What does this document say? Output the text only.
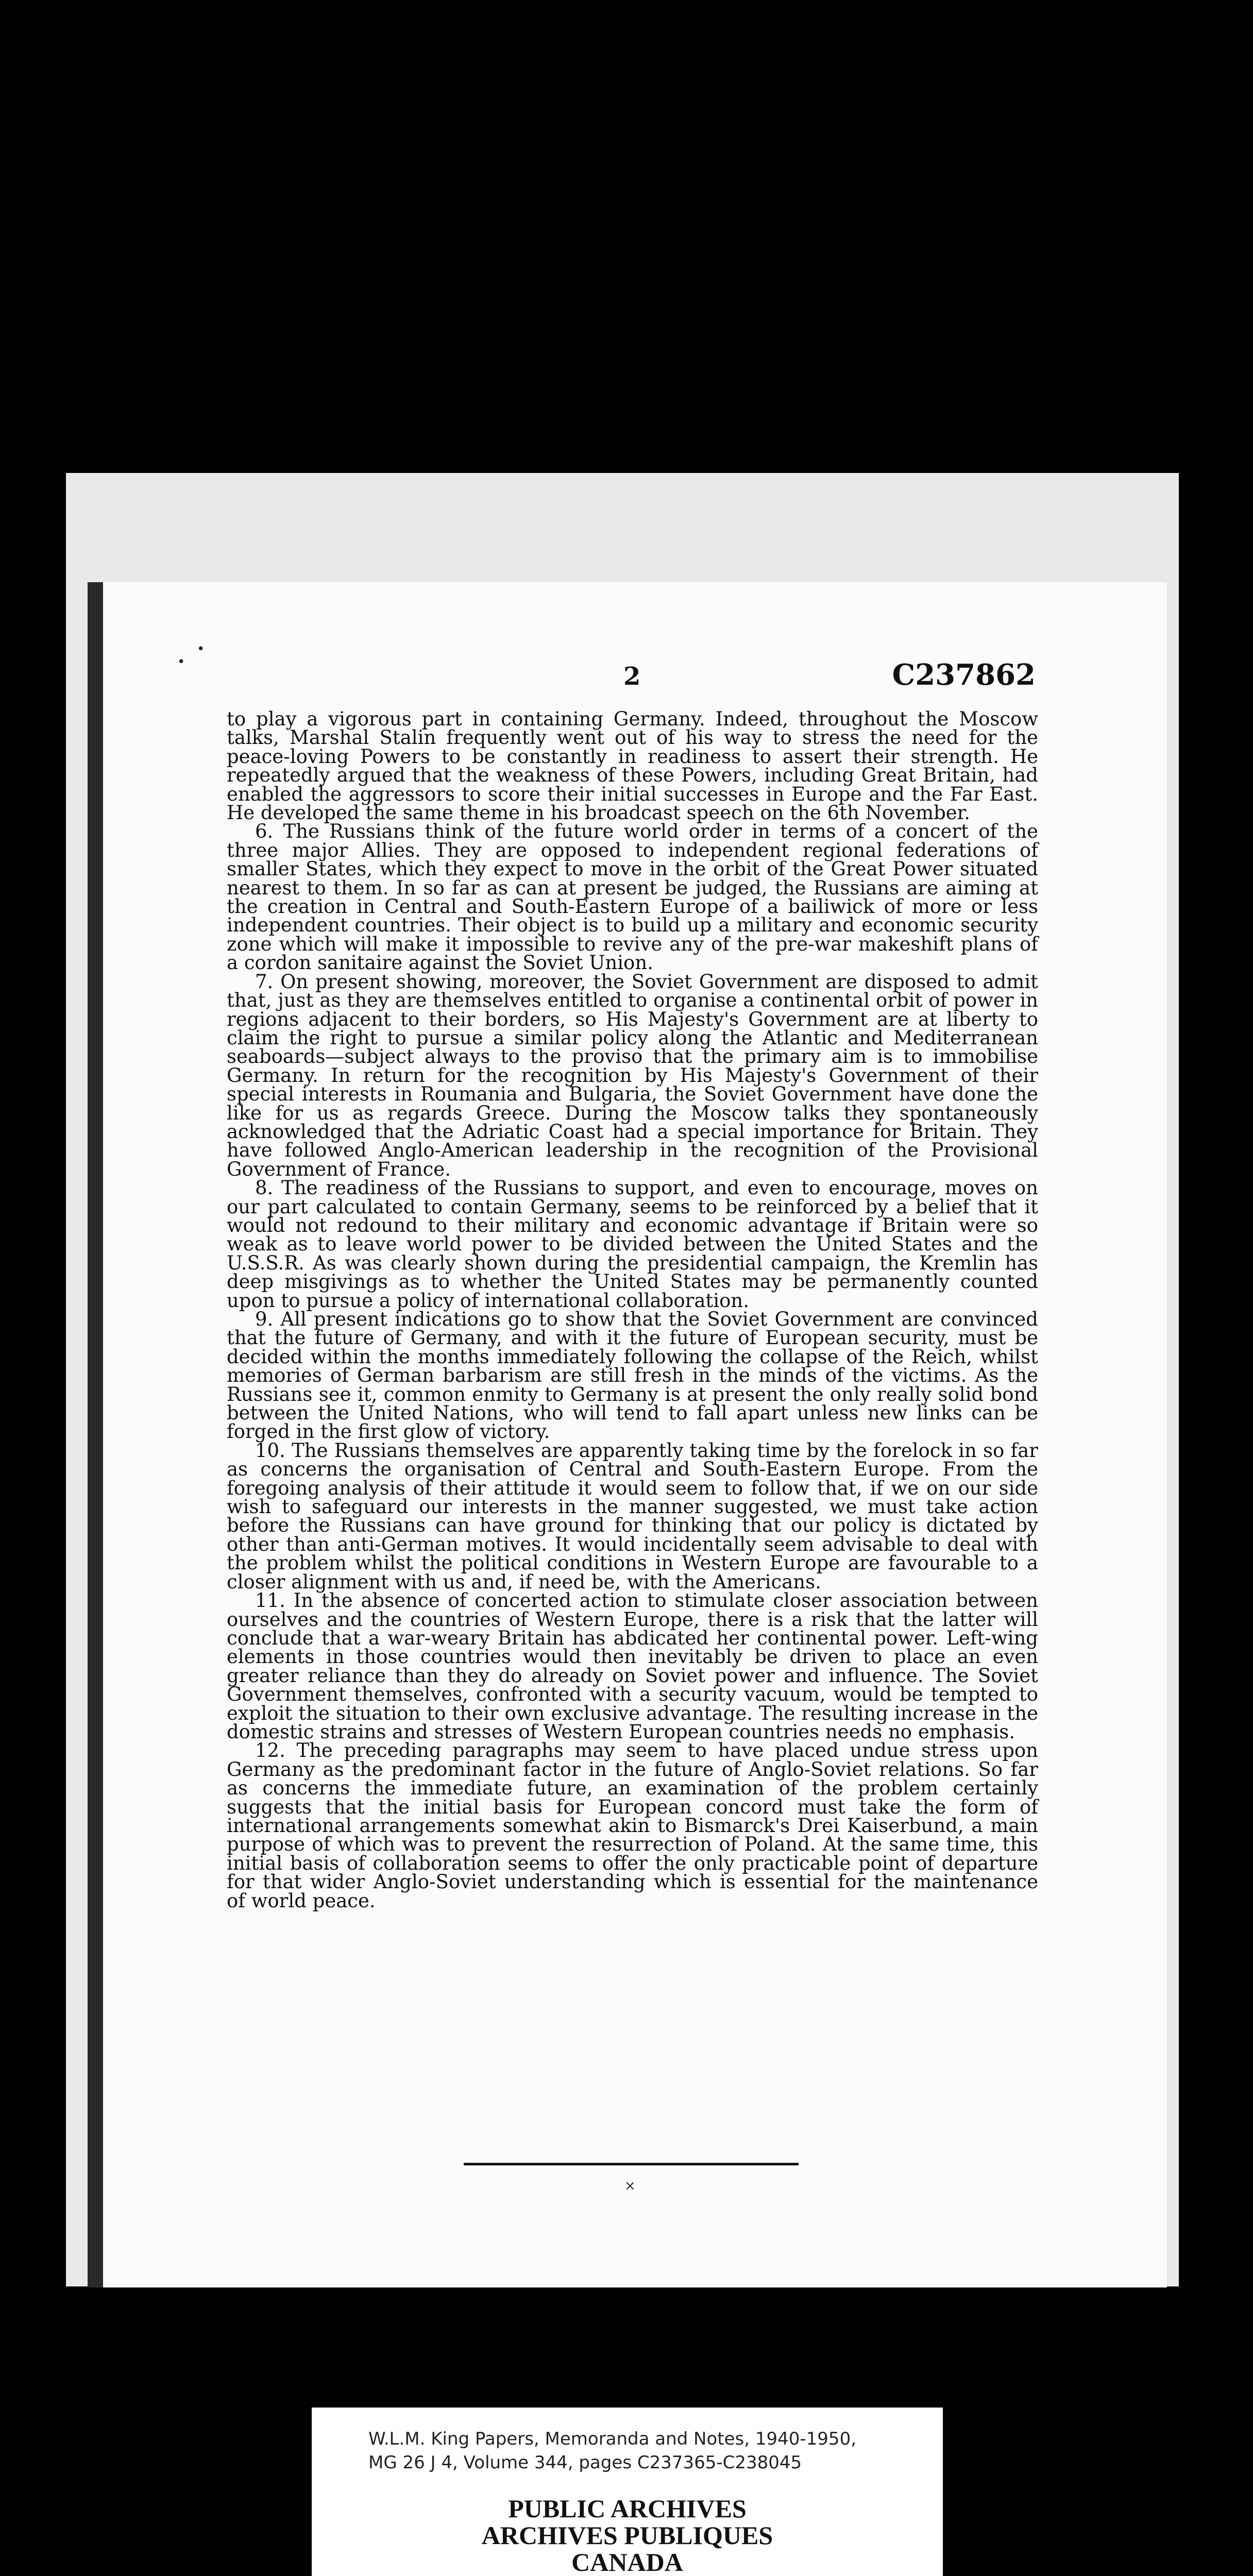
•
•
2	C237862

to play a vigorous part in containing Germany. Indeed, throughout the Moscow talks, Marshal Stalin frequently went out of his way to stress the need for the peace-loving Powers to be constantly in readiness to assert their strength. He repeatedly argued that the weakness of these Powers, including Great Britain, had enabled the aggressors to score their initial successes in Europe and the Far East. He developed the same theme in his broadcast speech on the 6th November.

6. The Russians think of the future world order in terms of a concert of the three major Allies. They are opposed to independent regional federations of smaller States, which they expect to move in the orbit of the Great Power situated nearest to them. In so far as can at present be judged, the Russians are aiming at the creation in Central and South-Eastern Europe of a bailiwick of more or less independent countries. Their object is to build up a military and economic security zone which will make it impossible to revive any of the pre-war makeshift plans of a cordon sanitaire against the Soviet Union.

7. On present showing, moreover, the Soviet Government are disposed to admit that, just as they are themselves entitled to organise a continental orbit of power in regions adjacent to their borders, so His Majesty's Government are at liberty to claim the right to pursue a similar policy along the Atlantic and Mediterranean seaboards—subject always to the proviso that the primary aim is to immobilise Germany. In return for the recognition by His Majesty's Government of their special interests in Roumania and Bulgaria, the Soviet Government have done the like for us as regards Greece. During the Moscow talks they spontaneously acknowledged that the Adriatic Coast had a special importance for Britain. They have followed Anglo-American leadership in the recognition of the Provisional Government of France.

8. The readiness of the Russians to support, and even to encourage, moves on our part calculated to contain Germany, seems to be reinforced by a belief that it would not redound to their military and economic advantage if Britain were so weak as to leave world power to be divided between the United States and the U.S.S.R. As was clearly shown during the presidential campaign, the Kremlin has deep misgivings as to whether the United States may be permanently counted upon to pursue a policy of international collaboration.

9. All present indications go to show that the Soviet Government are convinced that the future of Germany, and with it the future of European security, must be decided within the months immediately following the collapse of the Reich, whilst memories of German barbarism are still fresh in the minds of the victims. As the Russians see it, common enmity to Germany is at present the only really solid bond between the United Nations, who will tend to fall apart unless new links can be forged in the first glow of victory.

10. The Russians themselves are apparently taking time by the forelock in so far as concerns the organisation of Central and South-Eastern Europe. From the foregoing analysis of their attitude it would seem to follow that, if we on our side wish to safeguard our interests in the manner suggested, we must take action before the Russians can have ground for thinking that our policy is dictated by other than anti-German motives. It would incidentally seem advisable to deal with the problem whilst the political conditions in Western Europe are favourable to a closer alignment with us and, if need be, with the Americans.

11. In the absence of concerted action to stimulate closer association between ourselves and the countries of Western Europe, there is a risk that the latter will conclude that a war-weary Britain has abdicated her continental power. Left-wing elements in those countries would then inevitably be driven to place an even greater reliance than they do already on Soviet power and influence. The Soviet Government themselves, confronted with a security vacuum, would be tempted to exploit the situation to their own exclusive advantage. The resulting increase in the domestic strains and stresses of Western European countries needs no emphasis.

12. The preceding paragraphs may seem to have placed undue stress upon Germany as the predominant factor in the future of Anglo-Soviet relations. So far as concerns the immediate future, an examination of the problem certainly suggests that the initial basis for European concord must take the form of international arrangements somewhat akin to Bismarck's Drei Kaiserbund, a main purpose of which was to prevent the resurrection of Poland. At the same time, this initial basis of collaboration seems to offer the only practicable point of departure for that wider Anglo-Soviet understanding which is essential for the maintenance of world peace.

×
W.L.M. King Papers, Memoranda and Notes, 1940-1950,
MG 26 J 4, Volume 344, pages C237365-C238045
PUBLIC ARCHIVES
ARCHIVES PUBLIQUES
CANADA
